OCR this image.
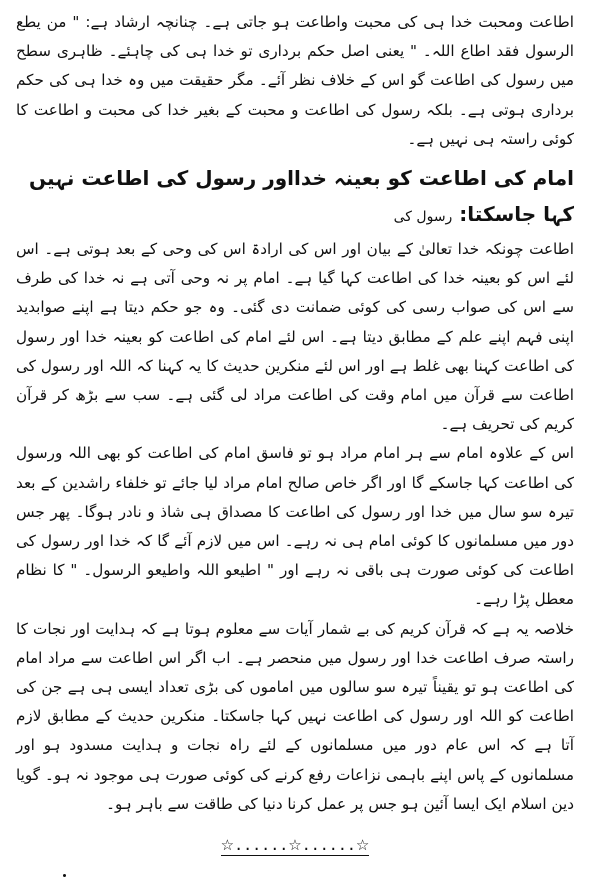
اطاعت ومحبت خدا ہی کی محبت واطاعت ہو جاتی ہے۔ چنانچہ ارشاد ہے: " من یطع الرسول فقد اطاع اللہ۔ " یعنی اصل حکم برداری تو خدا ہی کی چاہئے۔ ظاہری سطح میں رسول کی اطاعت گو اس کے خلاف نظر آئے۔ مگر حقیقت میں وہ خدا ہی کی حکم برداری ہوتی ہے۔ بلکہ رسول کی اطاعت و محبت کے بغیر خدا کی محبت و اطاعت کا کوئی راستہ ہی نہیں ہے۔

امام کی اطاعت کو بعینہ خدااور رسول کی اطاعت نہیں کہا جاسکتا: رسول کی

اطاعت چونکہ خدا تعالیٰ کے بیان اور اس کی ارادۃ اس کی وحی کے بعد ہوتی ہے۔ اس لئے اس کو بعینہ خدا کی اطاعت کہا گیا ہے۔ امام پر نہ وحی آتی ہے نہ خدا کی طرف سے اس کی صواب رسی کی کوئی ضمانت دی گئی۔ وہ جو حکم دیتا ہے اپنے صوابدید اپنی فہم اپنے علم کے مطابق دیتا ہے۔ اس لئے امام کی اطاعت کو بعینہ خدا اور رسول کی اطاعت کہنا بھی غلط ہے اور اس لئے منکرین حدیث کا یہ کہنا کہ اللہ اور رسول کی اطاعت سے قرآن میں امام وقت کی اطاعت مراد لی گئی ہے۔ سب سے بڑھ کر قرآن کریم کی تحریف ہے۔

اس کے علاوہ امام سے ہر امام مراد ہو تو فاسق امام کی اطاعت کو بھی اللہ ورسول کی اطاعت کہا جاسکے گا اور اگر خاص صالح امام مراد لیا جائے تو خلفاء راشدین کے بعد تیرہ سو سال میں خدا اور رسول کی اطاعت کا مصداق ہی شاذ و نادر ہوگا۔ پھر جس دور میں مسلمانوں کا کوئی امام ہی نہ رہے۔ اس میں لازم آئے گا کہ خدا اور رسول کی اطاعت کی کوئی صورت ہی باقی نہ رہے اور " اطیعو اللہ واطیعو الرسول۔ " کا نظام معطل پڑا رہے۔

خلاصہ یہ ہے کہ قرآن کریم کی بے شمار آیات سے معلوم ہوتا ہے کہ ہدایت اور نجات کا راستہ صرف اطاعت خدا اور رسول میں منحصر ہے۔ اب اگر اس اطاعت سے مراد امام کی اطاعت ہو تو یقیناً تیرہ سو سالوں میں اماموں کی بڑی تعداد ایسی ہی ہے جن کی اطاعت کو اللہ اور رسول کی اطاعت نہیں کہا جاسکتا۔ منکرین حدیث کے مطابق لازم آتا ہے کہ اس عام دور میں مسلمانوں کے لئے راہ نجات و ہدایت مسدود ہو اور مسلمانوں کے پاس اپنے باہمی نزاعات رفع کرنے کی کوئی صورت ہی موجود نہ ہو۔ گویا دین اسلام ایک ایسا آئین ہو جس پر عمل کرنا دنیا کی طاقت سے باہر ہو۔

☆......☆......☆
